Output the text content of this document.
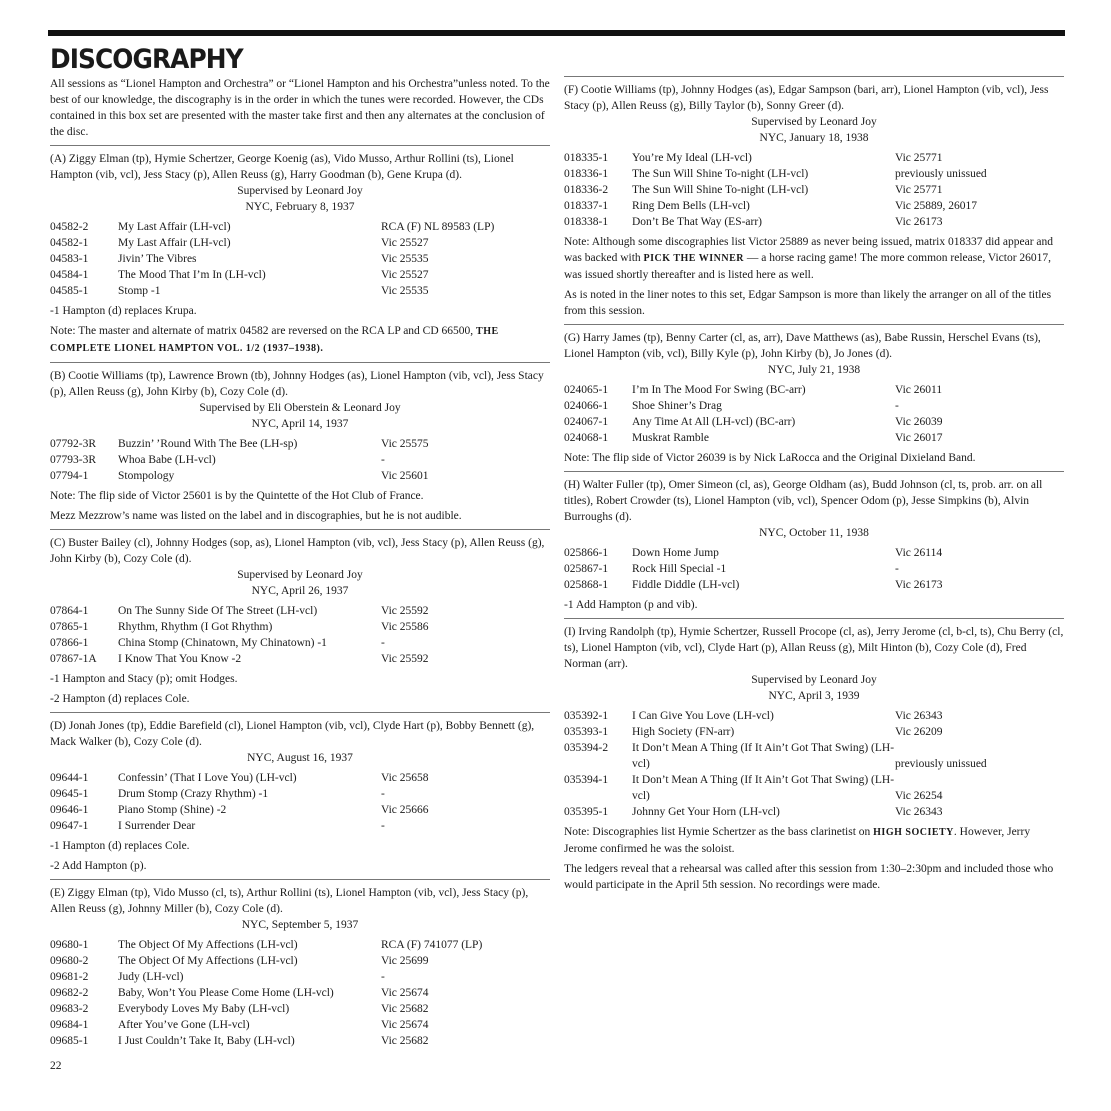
DISCOGRAPHY

All sessions as “Lionel Hampton and Orchestra” or “Lionel Hampton and his Orchestra”unless noted. To the best of our knowledge, the discography is in the order in which the tunes were recorded. However, the CDs contained in this box set are presented with the master take first and then any alternates at the conclusion of the disc.

(A) Ziggy Elman (tp), Hymie Schertzer, George Koenig (as), Vido Musso, Arthur Rollini (ts), Lionel Hampton (vib, vcl), Jess Stacy (p), Allen Reuss (g), Harry Goodman (b), Gene Krupa (d).

Supervised by Leonard Joy

NYC, February 8, 1937

04582-2	My Last Affair (LH-vcl)	RCA (F) NL 89583 (LP)
04582-1	My Last Affair (LH-vcl)	Vic 25527
04583-1	Jivin’ The Vibres	Vic 25535
04584-1	The Mood That I’m In (LH-vcl)	Vic 25527
04585-1	Stomp -1	Vic 25535

-1 Hampton (d) replaces Krupa.

Note: The master and alternate of matrix 04582 are reversed on the RCA LP and CD 66500, THE COMPLETE LIONEL HAMPTON VOL. 1/2 (1937–1938).

(B) Cootie Williams (tp), Lawrence Brown (tb), Johnny Hodges (as), Lionel Hampton (vib, vcl), Jess Stacy (p), Allen Reuss (g), John Kirby (b), Cozy Cole (d).

Supervised by Eli Oberstein & Leonard Joy

NYC, April 14, 1937

07792-3R	Buzzin’ ’Round With The Bee (LH-sp)	Vic 25575
07793-3R	Whoa Babe (LH-vcl)	-
07794-1	Stompology	Vic 25601

Note: The flip side of Victor 25601 is by the Quintette of the Hot Club of France.

Mezz Mezzrow’s name was listed on the label and in discographies, but he is not audible.

(C) Buster Bailey (cl), Johnny Hodges (sop, as), Lionel Hampton (vib, vcl), Jess Stacy (p), Allen Reuss (g), John Kirby (b), Cozy Cole (d).

Supervised by Leonard Joy

NYC, April 26, 1937

07864-1	On The Sunny Side Of The Street (LH-vcl)	Vic 25592
07865-1	Rhythm, Rhythm (I Got Rhythm)	Vic 25586
07866-1	China Stomp (Chinatown, My Chinatown) -1	-
07867-1A	I Know That You Know -2	Vic 25592

-1 Hampton and Stacy (p); omit Hodges.

-2 Hampton (d) replaces Cole.

(D) Jonah Jones (tp), Eddie Barefield (cl), Lionel Hampton (vib, vcl), Clyde Hart (p), Bobby Bennett (g), Mack Walker (b), Cozy Cole (d).

NYC, August 16, 1937

09644-1	Confessin’ (That I Love You) (LH-vcl)	Vic 25658
09645-1	Drum Stomp (Crazy Rhythm) -1	-
09646-1	Piano Stomp (Shine) -2	Vic 25666
09647-1	I Surrender Dear	-

-1 Hampton (d) replaces Cole.

-2 Add Hampton (p).

(E) Ziggy Elman (tp), Vido Musso (cl, ts), Arthur Rollini (ts), Lionel Hampton (vib, vcl), Jess Stacy (p), Allen Reuss (g), Johnny Miller (b), Cozy Cole (d).

NYC, September 5, 1937

09680-1	The Object Of My Affections (LH-vcl)	RCA (F) 741077 (LP)
09680-2	The Object Of My Affections (LH-vcl)	Vic 25699
09681-2	Judy (LH-vcl)	-
09682-2	Baby, Won’t You Please Come Home (LH-vcl)	Vic 25674
09683-2	Everybody Loves My Baby (LH-vcl)	Vic 25682
09684-1	After You’ve Gone (LH-vcl)	Vic 25674
09685-1	I Just Couldn’t Take It, Baby (LH-vcl)	Vic 25682

(F) Cootie Williams (tp), Johnny Hodges (as), Edgar Sampson (bari, arr), Lionel Hampton (vib, vcl), Jess Stacy (p), Allen Reuss (g), Billy Taylor (b), Sonny Greer (d).

Supervised by Leonard Joy

NYC, January 18, 1938

018335-1	You’re My Ideal (LH-vcl)	Vic 25771
018336-1	The Sun Will Shine To-night (LH-vcl)	previously unissued
018336-2	The Sun Will Shine To-night (LH-vcl)	Vic 25771
018337-1	Ring Dem Bells (LH-vcl)	Vic 25889, 26017
018338-1	Don’t Be That Way (ES-arr)	Vic 26173

Note: Although some discographies list Victor 25889 as never being issued, matrix 018337 did appear and was backed with PICK THE WINNER — a horse racing game! The more common release, Victor 26017, was issued shortly thereafter and is listed here as well.

As is noted in the liner notes to this set, Edgar Sampson is more than likely the arranger on all of the titles from this session.

(G) Harry James (tp), Benny Carter (cl, as, arr), Dave Matthews (as), Babe Russin, Herschel Evans (ts), Lionel Hampton (vib, vcl), Billy Kyle (p), John Kirby (b), Jo Jones (d).

NYC, July 21, 1938

024065-1	I’m In The Mood For Swing (BC-arr)	Vic 26011
024066-1	Shoe Shiner’s Drag	-
024067-1	Any Time At All (LH-vcl) (BC-arr)	Vic 26039
024068-1	Muskrat Ramble	Vic 26017

Note: The flip side of Victor 26039 is by Nick LaRocca and the Original Dixieland Band.

(H) Walter Fuller (tp), Omer Simeon (cl, as), George Oldham (as), Budd Johnson (cl, ts, prob. arr. on all titles), Robert Crowder (ts), Lionel Hampton (vib, vcl), Spencer Odom (p), Jesse Simpkins (b), Alvin Burroughs (d).

NYC, October 11, 1938

025866-1	Down Home Jump	Vic 26114
025867-1	Rock Hill Special -1	-
025868-1	Fiddle Diddle (LH-vcl)	Vic 26173

-1 Add Hampton (p and vib).

(I) Irving Randolph (tp), Hymie Schertzer, Russell Procope (cl, as), Jerry Jerome (cl, b-cl, ts), Chu Berry (cl, ts), Lionel Hampton (vib, vcl), Clyde Hart (p), Allan Reuss (g), Milt Hinton (b), Cozy Cole (d), Fred Norman (arr).

Supervised by Leonard Joy

NYC, April 3, 1939

035392-1	I Can Give You Love (LH-vcl)	Vic 26343
035393-1	High Society (FN-arr)	Vic 26209
035394-2	It Don’t Mean A Thing (If It Ain’t Got That Swing) (LH-vcl)	previously unissued
035394-1	It Don’t Mean A Thing (If It Ain’t Got That Swing) (LH-vcl)	Vic 26254
035395-1	Johnny Get Your Horn (LH-vcl)	Vic 26343

Note: Discographies list Hymie Schertzer as the bass clarinetist on HIGH SOCIETY. However, Jerry Jerome confirmed he was the soloist.

The ledgers reveal that a rehearsal was called after this session from 1:30–2:30pm and included those who would participate in the April 5th session. No recordings were made.

22
